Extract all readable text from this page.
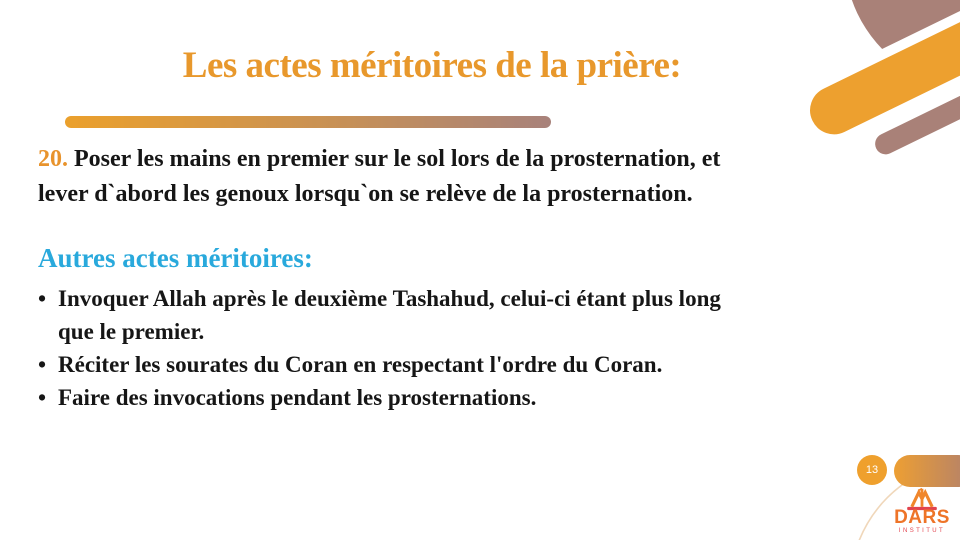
Les actes méritoires de la prière:

20. Poser les mains en premier sur le sol lors de la prosternation, et
lever d`abord les genoux lorsqu`on se relève de la prosternation.

Autres actes méritoires:
• Invoquer Allah après le deuxième Tashahud, celui-ci étant plus long
que le premier.
• Réciter les sourates du Coran en respectant l'ordre du Coran.
• Faire des invocations pendant les prosternations.
13
DARS
INSTITUT
